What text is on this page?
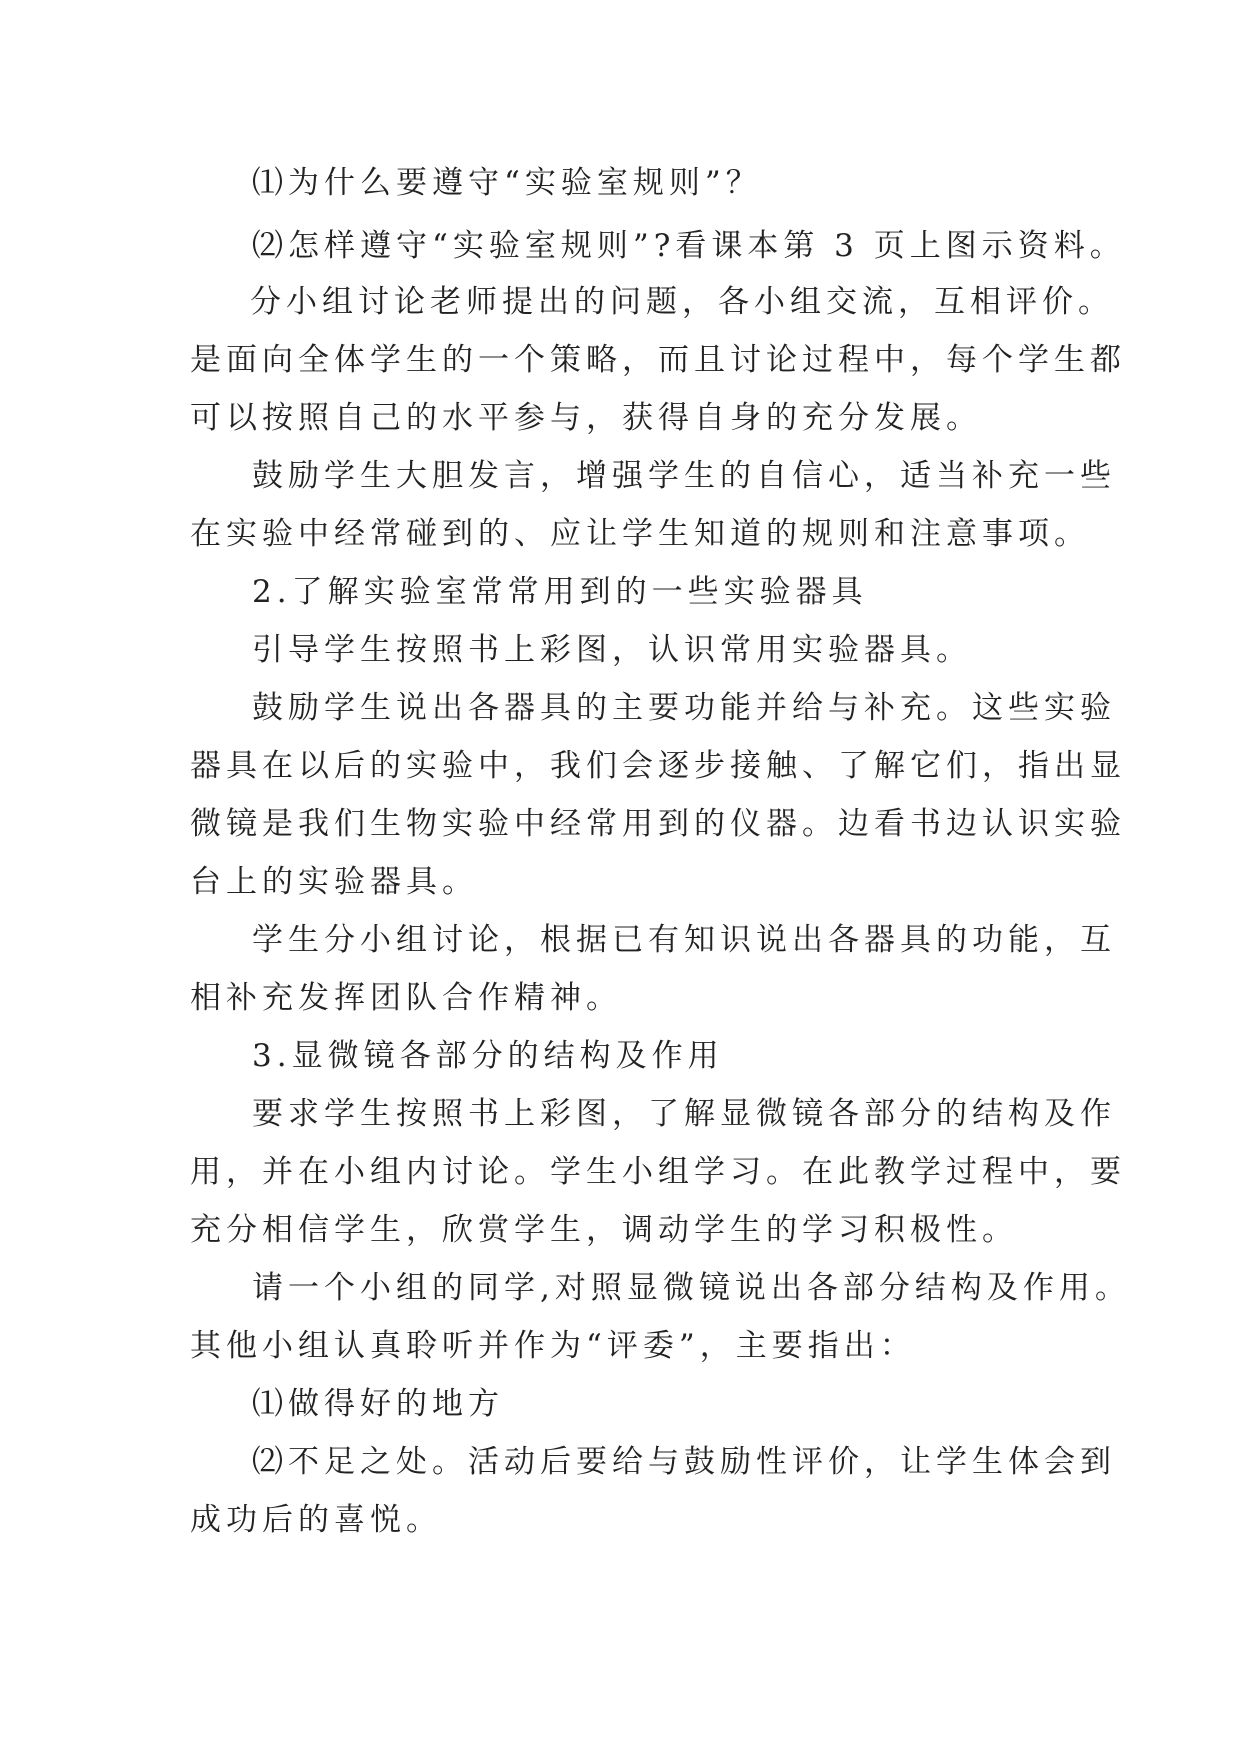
⑴为什么要遵守“实验室规则”？
⑵怎样遵守“实验室规则”?看课本第 3 页上图示资料。
分小组讨论老师提出的问题，各小组交流，互相评价。
是面向全体学生的一个策略，而且讨论过程中，每个学生都
可以按照自己的水平参与，获得自身的充分发展。
鼓励学生大胆发言，增强学生的自信心，适当补充一些
在实验中经常碰到的、应让学生知道的规则和注意事项。
2.了解实验室常常用到的一些实验器具
引导学生按照书上彩图，认识常用实验器具。
鼓励学生说出各器具的主要功能并给与补充。这些实验
器具在以后的实验中，我们会逐步接触、了解它们，指出显
微镜是我们生物实验中经常用到的仪器。边看书边认识实验
台上的实验器具。
学生分小组讨论，根据已有知识说出各器具的功能，互
相补充发挥团队合作精神。
3.显微镜各部分的结构及作用
要求学生按照书上彩图，了解显微镜各部分的结构及作
用，并在小组内讨论。学生小组学习。在此教学过程中，要
充分相信学生，欣赏学生，调动学生的学习积极性。
请一个小组的同学,对照显微镜说出各部分结构及作用。
其他小组认真聆听并作为“评委”，主要指出：
⑴做得好的地方
⑵不足之处。活动后要给与鼓励性评价，让学生体会到
成功后的喜悦。
